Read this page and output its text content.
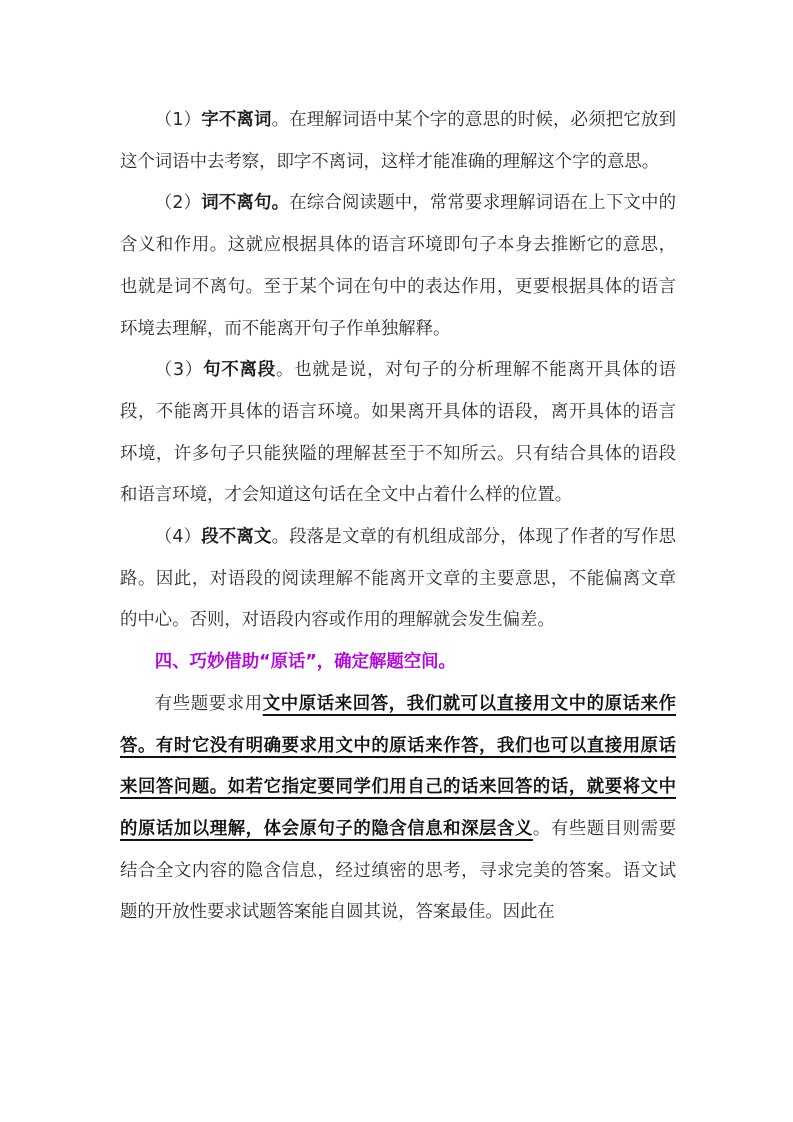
（1）字不离词。在理解词语中某个字的意思的时候，必须把它放到这个词语中去考察，即字不离词，这样才能准确的理解这个字的意思。

（2）词不离句。在综合阅读题中，常常要求理解词语在上下文中的含义和作用。这就应根据具体的语言环境即句子本身去推断它的意思，也就是词不离句。至于某个词在句中的表达作用，更要根据具体的语言环境去理解，而不能离开句子作单独解释。

（3）句不离段。也就是说，对句子的分析理解不能离开具体的语段，不能离开具体的语言环境。如果离开具体的语段，离开具体的语言环境，许多句子只能狭隘的理解甚至于不知所云。只有结合具体的语段和语言环境，才会知道这句话在全文中占着什么样的位置。

（4）段不离文。段落是文章的有机组成部分，体现了作者的写作思路。因此，对语段的阅读理解不能离开文章的主要意思，不能偏离文章的中心。否则，对语段内容或作用的理解就会发生偏差。

四、巧妙借助“原话”，确定解题空间。

有些题要求用文中原话来回答，我们就可以直接用文中的原话来作答。有时它没有明确要求用文中的原话来作答，我们也可以直接用原话来回答问题。如若它指定要同学们用自己的话来回答的话，就要将文中的原话加以理解，体会原句子的隐含信息和深层含义。有些题目则需要结合全文内容的隐含信息，经过缜密的思考，寻求完美的答案。语文试题的开放性要求试题答案能自圆其说，答案最佳。因此在
